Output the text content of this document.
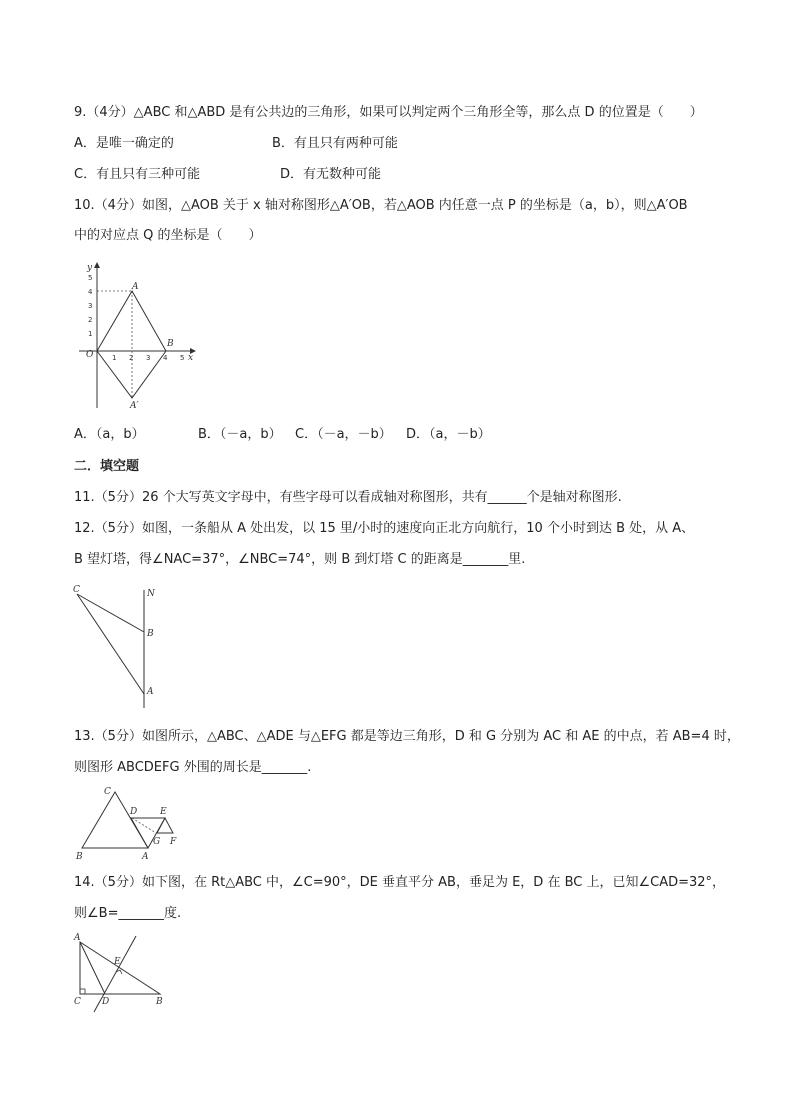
9.（4分）△ABC 和△ABD 是有公共边的三角形，如果可以判定两个三角形全等，那么点 D 的位置是（　　）
A．是唯一确定的	B．有且只有两种可能
C．有且只有三种可能	D．有无数种可能
10.（4分）如图，△AOB 关于 x 轴对称图形△A′OB，若△AOB 内任意一点 P 的坐标是（a，b），则△A′OB
中的对应点 Q 的坐标是（　　）
5
4
3
2
1
1 2 3 4 5
y
x
O
A
B
A′
A．（a，b）	B．（－a，b） C．（－a，－b） D．（a，－b）
二．填空题
11.（5分）26 个大写英文字母中，有些字母可以看成轴对称图形，共有______个是轴对称图形.
12.（5分）如图，一条船从 A 处出发，以 15 里/小时的速度向正北方向航行，10 个小时到达 B 处，从 A、
B 望灯塔，得∠NAC=37°，∠NBC=74°，则 B 到灯塔 C 的距离是_______里.
C	N
B
A
13.（5分）如图所示，△ABC、△ADE 与△EFG 都是等边三角形，D 和 G 分别为 AC 和 AE 的中点，若 AB=4 时，
则图形 ABCDEFG 外围的周长是_______.
C
D	E
G F
B	A
14.（5分）如下图，在 Rt△ABC 中，∠C=90°，DE 垂直平分 AB，垂足为 E，D 在 BC 上，已知∠CAD=32°，
则∠B=_______度.
A
E
C D	B
